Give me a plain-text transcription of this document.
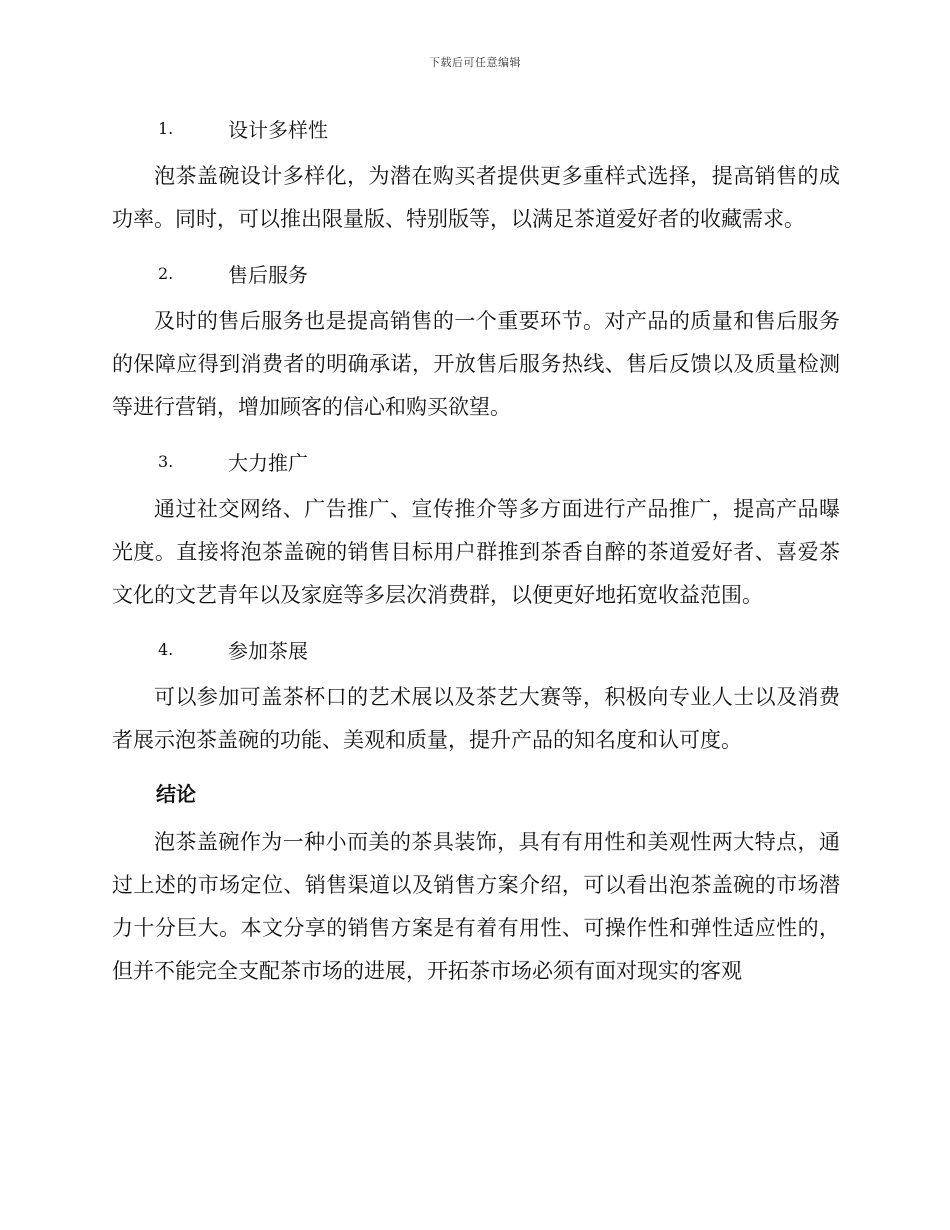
下载后可任意编辑
1.	设计多样性

泡茶盖碗设计多样化，为潜在购买者提供更多重样式选择，提高销售的成功率。同时，可以推出限量版、特别版等，以满足茶道爱好者的收藏需求。

2.	售后服务

及时的售后服务也是提高销售的一个重要环节。对产品的质量和售后服务的保障应得到消费者的明确承诺，开放售后服务热线、售后反馈以及质量检测等进行营销，增加顾客的信心和购买欲望。

3.	大力推广

通过社交网络、广告推广、宣传推介等多方面进行产品推广，提高产品曝光度。直接将泡茶盖碗的销售目标用户群推到茶香自醉的茶道爱好者、喜爱茶文化的文艺青年以及家庭等多层次消费群，以便更好地拓宽收益范围。

4.	参加茶展

可以参加可盖茶杯口的艺术展以及茶艺大赛等，积极向专业人士以及消费者展示泡茶盖碗的功能、美观和质量，提升产品的知名度和认可度。

结论

泡茶盖碗作为一种小而美的茶具装饰，具有有用性和美观性两大特点，通过上述的市场定位、销售渠道以及销售方案介绍，可以看出泡茶盖碗的市场潜力十分巨大。本文分享的销售方案是有着有用性、可操作性和弹性适应性的，但并不能完全支配茶市场的进展，开拓茶市场必须有面对现实的客观
